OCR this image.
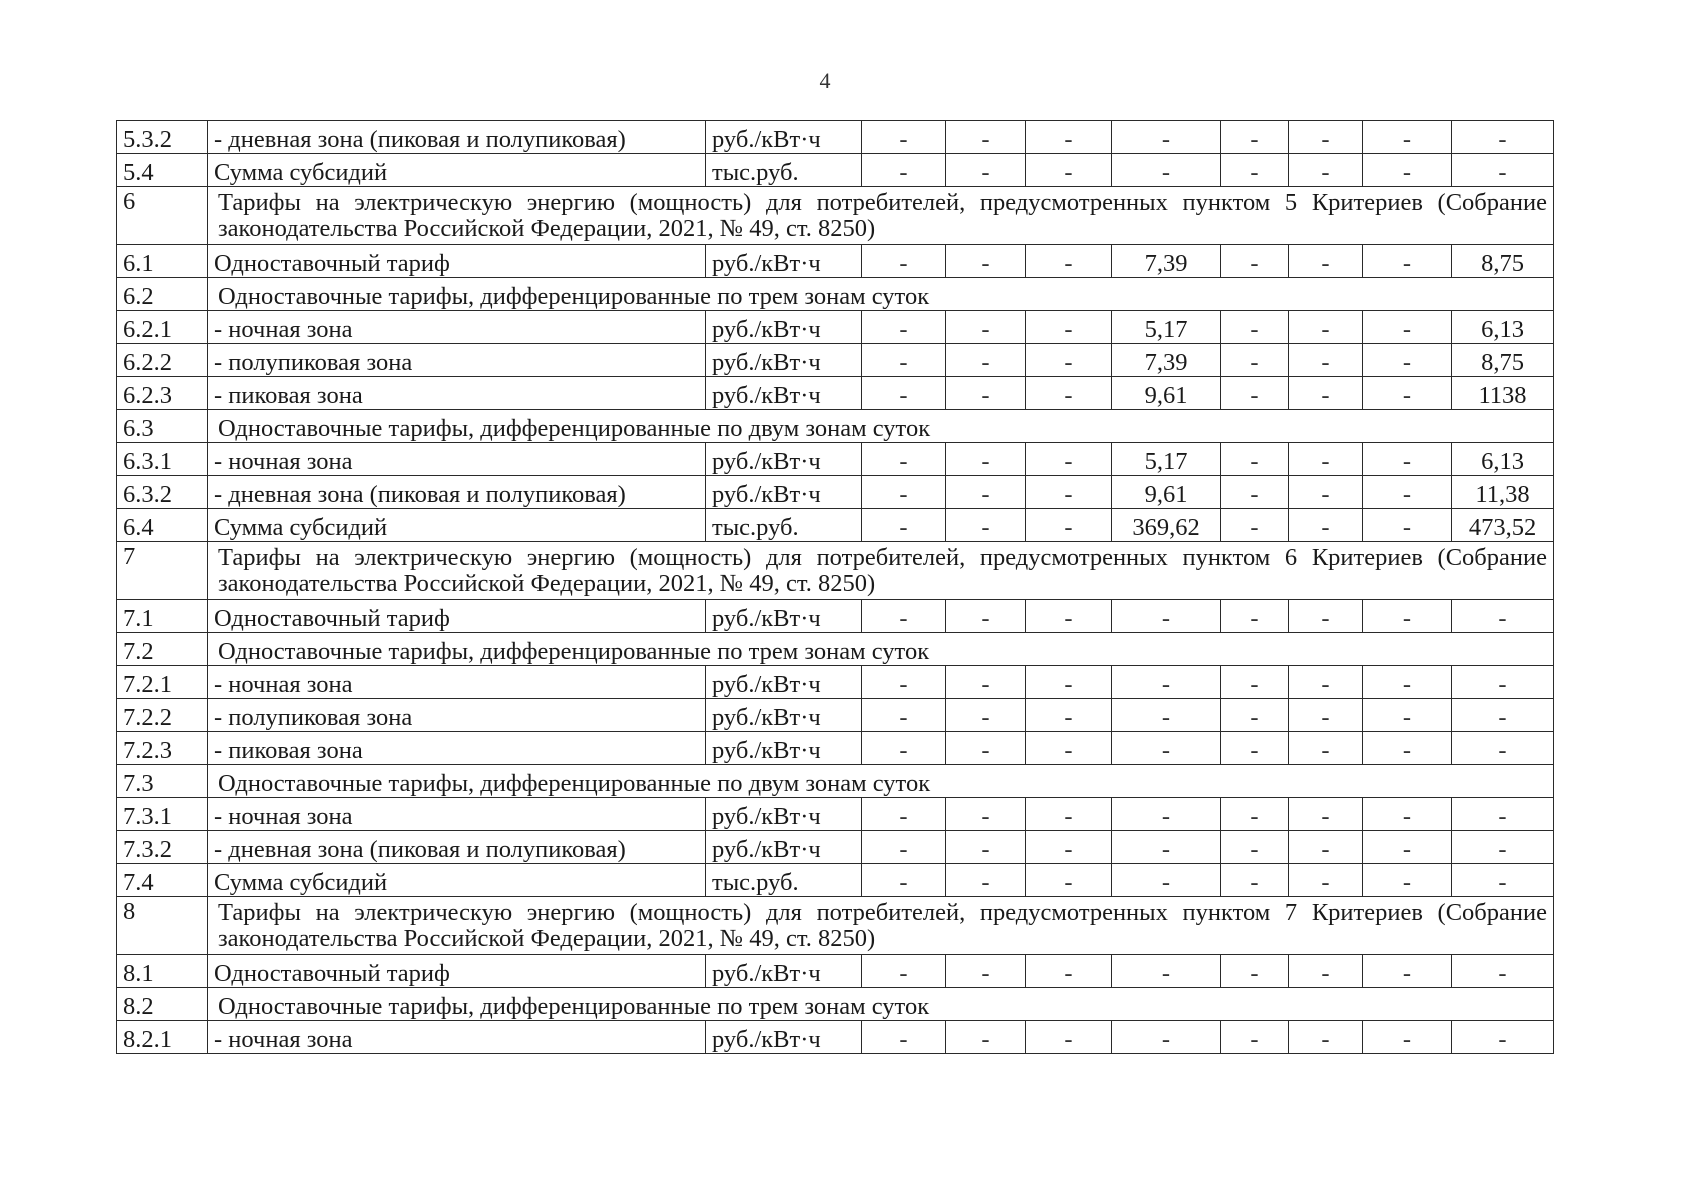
4
5.3.2	- дневная зона (пиковая и полупиковая)	руб./кВт·ч	-	-	-	-	-	-	-	-
5.4	Сумма субсидий	тыс.руб.	-	-	-	-	-	-	-	-
6	Тарифы на электрическую энергию (мощность) для потребителей, предусмотренных пунктом 5 Критериев (Собрание законодательства Российской Федерации, 2021, № 49, ст. 8250)									
6.1	Одноставочный тариф	руб./кВт·ч	-	-	-	7,39	-	-	-	8,75
6.2	Одноставочные тарифы, дифференцированные по трем зонам суток									
6.2.1	- ночная зона	руб./кВт·ч	-	-	-	5,17	-	-	-	6,13
6.2.2	- полупиковая зона	руб./кВт·ч	-	-	-	7,39	-	-	-	8,75
6.2.3	- пиковая зона	руб./кВт·ч	-	-	-	9,61	-	-	-	1138
6.3	Одноставочные тарифы, дифференцированные по двум зонам суток									
6.3.1	- ночная зона	руб./кВт·ч	-	-	-	5,17	-	-	-	6,13
6.3.2	- дневная зона (пиковая и полупиковая)	руб./кВт·ч	-	-	-	9,61	-	-	-	11,38
6.4	Сумма субсидий	тыс.руб.	-	-	-	369,62	-	-	-	473,52
7	Тарифы на электрическую энергию (мощность) для потребителей, предусмотренных пунктом 6 Критериев (Собрание законодательства Российской Федерации, 2021, № 49, ст. 8250)									
7.1	Одноставочный тариф	руб./кВт·ч	-	-	-	-	-	-	-	-
7.2	Одноставочные тарифы, дифференцированные по трем зонам суток									
7.2.1	- ночная зона	руб./кВт·ч	-	-	-	-	-	-	-	-
7.2.2	- полупиковая зона	руб./кВт·ч	-	-	-	-	-	-	-	-
7.2.3	- пиковая зона	руб./кВт·ч	-	-	-	-	-	-	-	-
7.3	Одноставочные тарифы, дифференцированные по двум зонам суток									
7.3.1	- ночная зона	руб./кВт·ч	-	-	-	-	-	-	-	-
7.3.2	- дневная зона (пиковая и полупиковая)	руб./кВт·ч	-	-	-	-	-	-	-	-
7.4	Сумма субсидий	тыс.руб.	-	-	-	-	-	-	-	-
8	Тарифы на электрическую энергию (мощность) для потребителей, предусмотренных пунктом 7 Критериев (Собрание законодательства Российской Федерации, 2021, № 49, ст. 8250)									
8.1	Одноставочный тариф	руб./кВт·ч	-	-	-	-	-	-	-	-
8.2	Одноставочные тарифы, дифференцированные по трем зонам суток									
8.2.1	- ночная зона	руб./кВт·ч	-	-	-	-	-	-	-	-
